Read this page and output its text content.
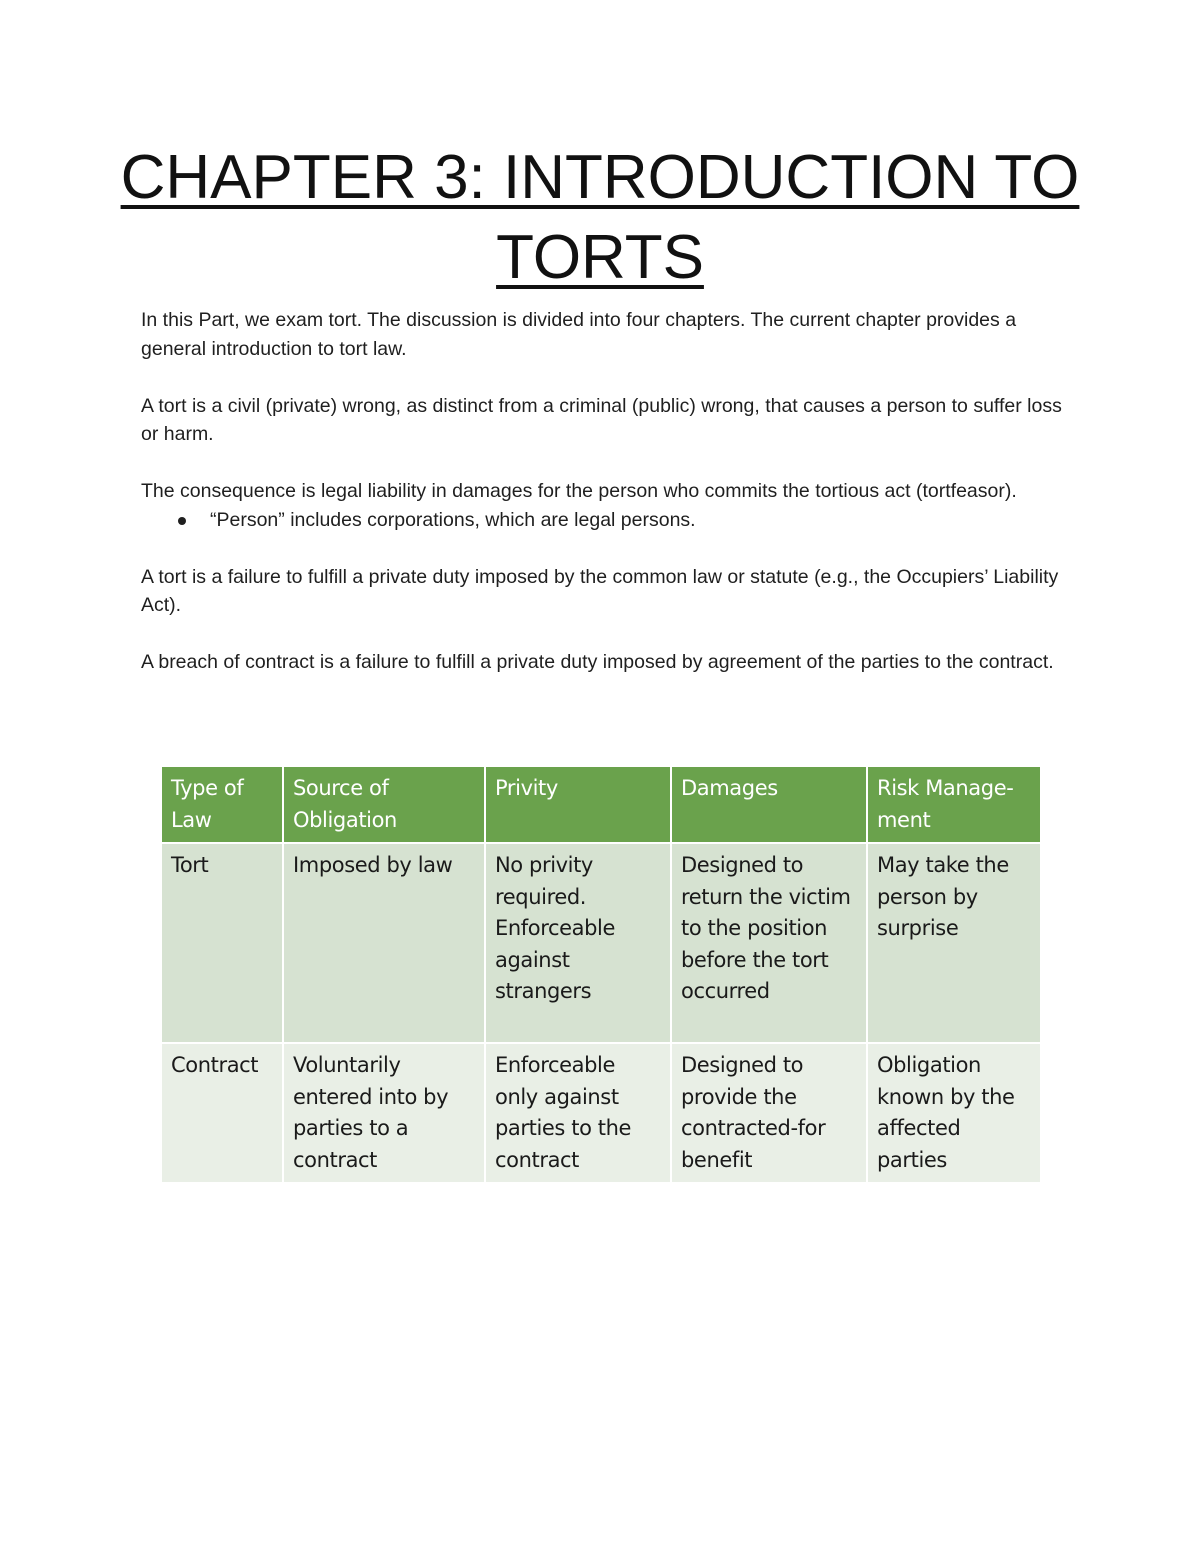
CHAPTER 3: INTRODUCTION TO TORTS

In this Part, we exam tort. The discussion is divided into four chapters. The current chapter provides a general introduction to tort law.

A tort is a civil (private) wrong, as distinct from a criminal (public) wrong, that causes a person to suffer loss or harm.

The consequence is legal liability in damages for the person who commits the tortious act (tortfeasor).

“Person” includes corporations, which are legal persons.

A tort is a failure to fulfill a private duty imposed by the common law or statute (e.g., the Occupiers’ Liability Act).

A breach of contract is a failure to fulfill a private duty imposed by agreement of the parties to the contract.

Type of Law	Source of Obligation	Privity	Damages	Risk Manage-ment
Tort	Imposed by law	No privity required. Enforceable against strangers	Designed to return the victim to the position before the tort occurred	May take the person by surprise
Contract	Voluntarily entered into by parties to a contract	Enforceable only against parties to the contract	Designed to provide the contracted-for benefit	Obligation known by the affected parties
